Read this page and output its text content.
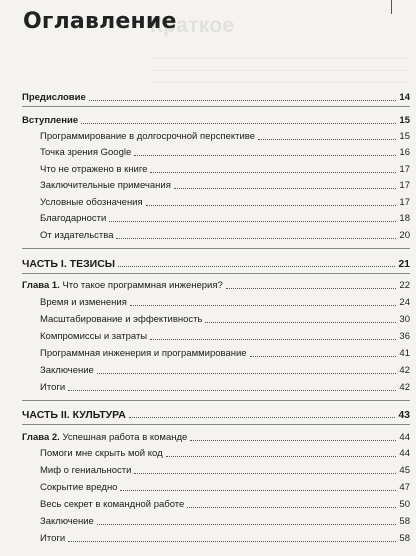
Краткое
Оглавление
Предисловие	14
Вступление	15
Программирование в долгосрочной перспективе	15
Точка зрения Google	16
Что не отражено в книге	17
Заключительные примечания	17
Условные обозначения	17
Благодарности	18
От издательства	20
ЧАСТЬ I. ТЕЗИСЫ	21
Глава 1. Что такое программная инженерия?	22
Время и изменения	24
Масштабирование и эффективность	30
Компромиссы и затраты	36
Программная инженерия и программирование	41
Заключение	42
Итоги	42
ЧАСТЬ II. КУЛЬТУРА	43
Глава 2. Успешная работа в команде	44
Помоги мне скрыть мой код	44
Миф о гениальности	45
Сокрытие вредно	47
Весь секрет в командной работе	50
Заключение	58
Итоги	58
